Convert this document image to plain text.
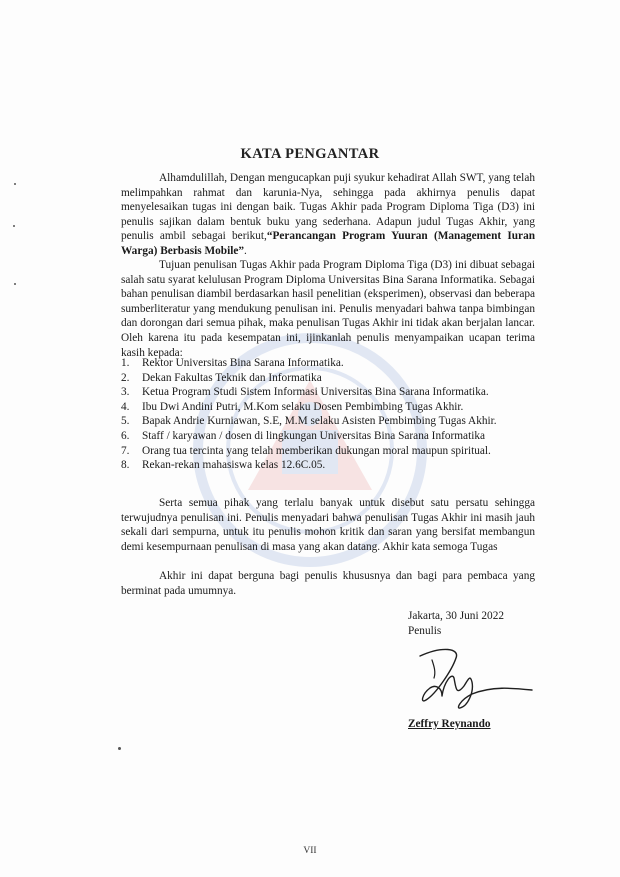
KATA PENGANTAR

Alhamdulillah, Dengan mengucapkan puji syukur kehadirat Allah SWT, yang telah melimpahkan rahmat dan karunia-Nya, sehingga pada akhirnya penulis dapat menyelesaikan tugas ini dengan baik. Tugas Akhir pada Program Diploma Tiga (D3) ini penulis sajikan dalam bentuk buku yang sederhana. Adapun judul Tugas Akhir, yang penulis ambil sebagai berikut,“Perancangan Program Yuuran (Management Iuran Warga) Berbasis Mobile”.

Tujuan penulisan Tugas Akhir pada Program Diploma Tiga (D3) ini dibuat sebagai salah satu syarat kelulusan Program Diploma Universitas Bina Sarana Informatika. Sebagai bahan penulisan diambil berdasarkan hasil penelitian (eksperimen), observasi dan beberapa sumberliteratur yang mendukung penulisan ini. Penulis menyadari bahwa tanpa bimbingan dan dorongan dari semua pihak, maka penulisan Tugas Akhir ini tidak akan berjalan lancar. Oleh karena itu pada kesempatan ini, ijinkanlah penulis menyampaikan ucapan terima kasih kepada:

1.	Rektor Universitas Bina Sarana Informatika.
2.	Dekan Fakultas Teknik dan Informatika
3.	Ketua Program Studi Sistem Informasi Universitas Bina Sarana Informatika.
4.	Ibu Dwi Andini Putri, M.Kom selaku Dosen Pembimbing Tugas Akhir.
5.	Bapak Andrie Kurniawan, S.E, M.M selaku Asisten Pembimbing Tugas Akhir.
6.	Staff / karyawan / dosen di lingkungan Universitas Bina Sarana Informatika
7.	Orang tua tercinta yang telah memberikan dukungan moral maupun spiritual.
8.	Rekan-rekan mahasiswa kelas 12.6C.05.

Serta semua pihak yang terlalu banyak untuk disebut satu persatu sehingga terwujudnya penulisan ini. Penulis menyadari bahwa penulisan Tugas Akhir ini masih jauh sekali dari sempurna, untuk itu penulis mohon kritik dan saran yang bersifat membangun demi kesempurnaan penulisan di masa yang akan datang. Akhir kata semoga Tugas

Akhir ini dapat berguna bagi penulis khususnya dan bagi para pembaca yang berminat pada umumnya.

Jakarta, 30 Juni 2022
Penulis
Zeffry Reynando
VII
